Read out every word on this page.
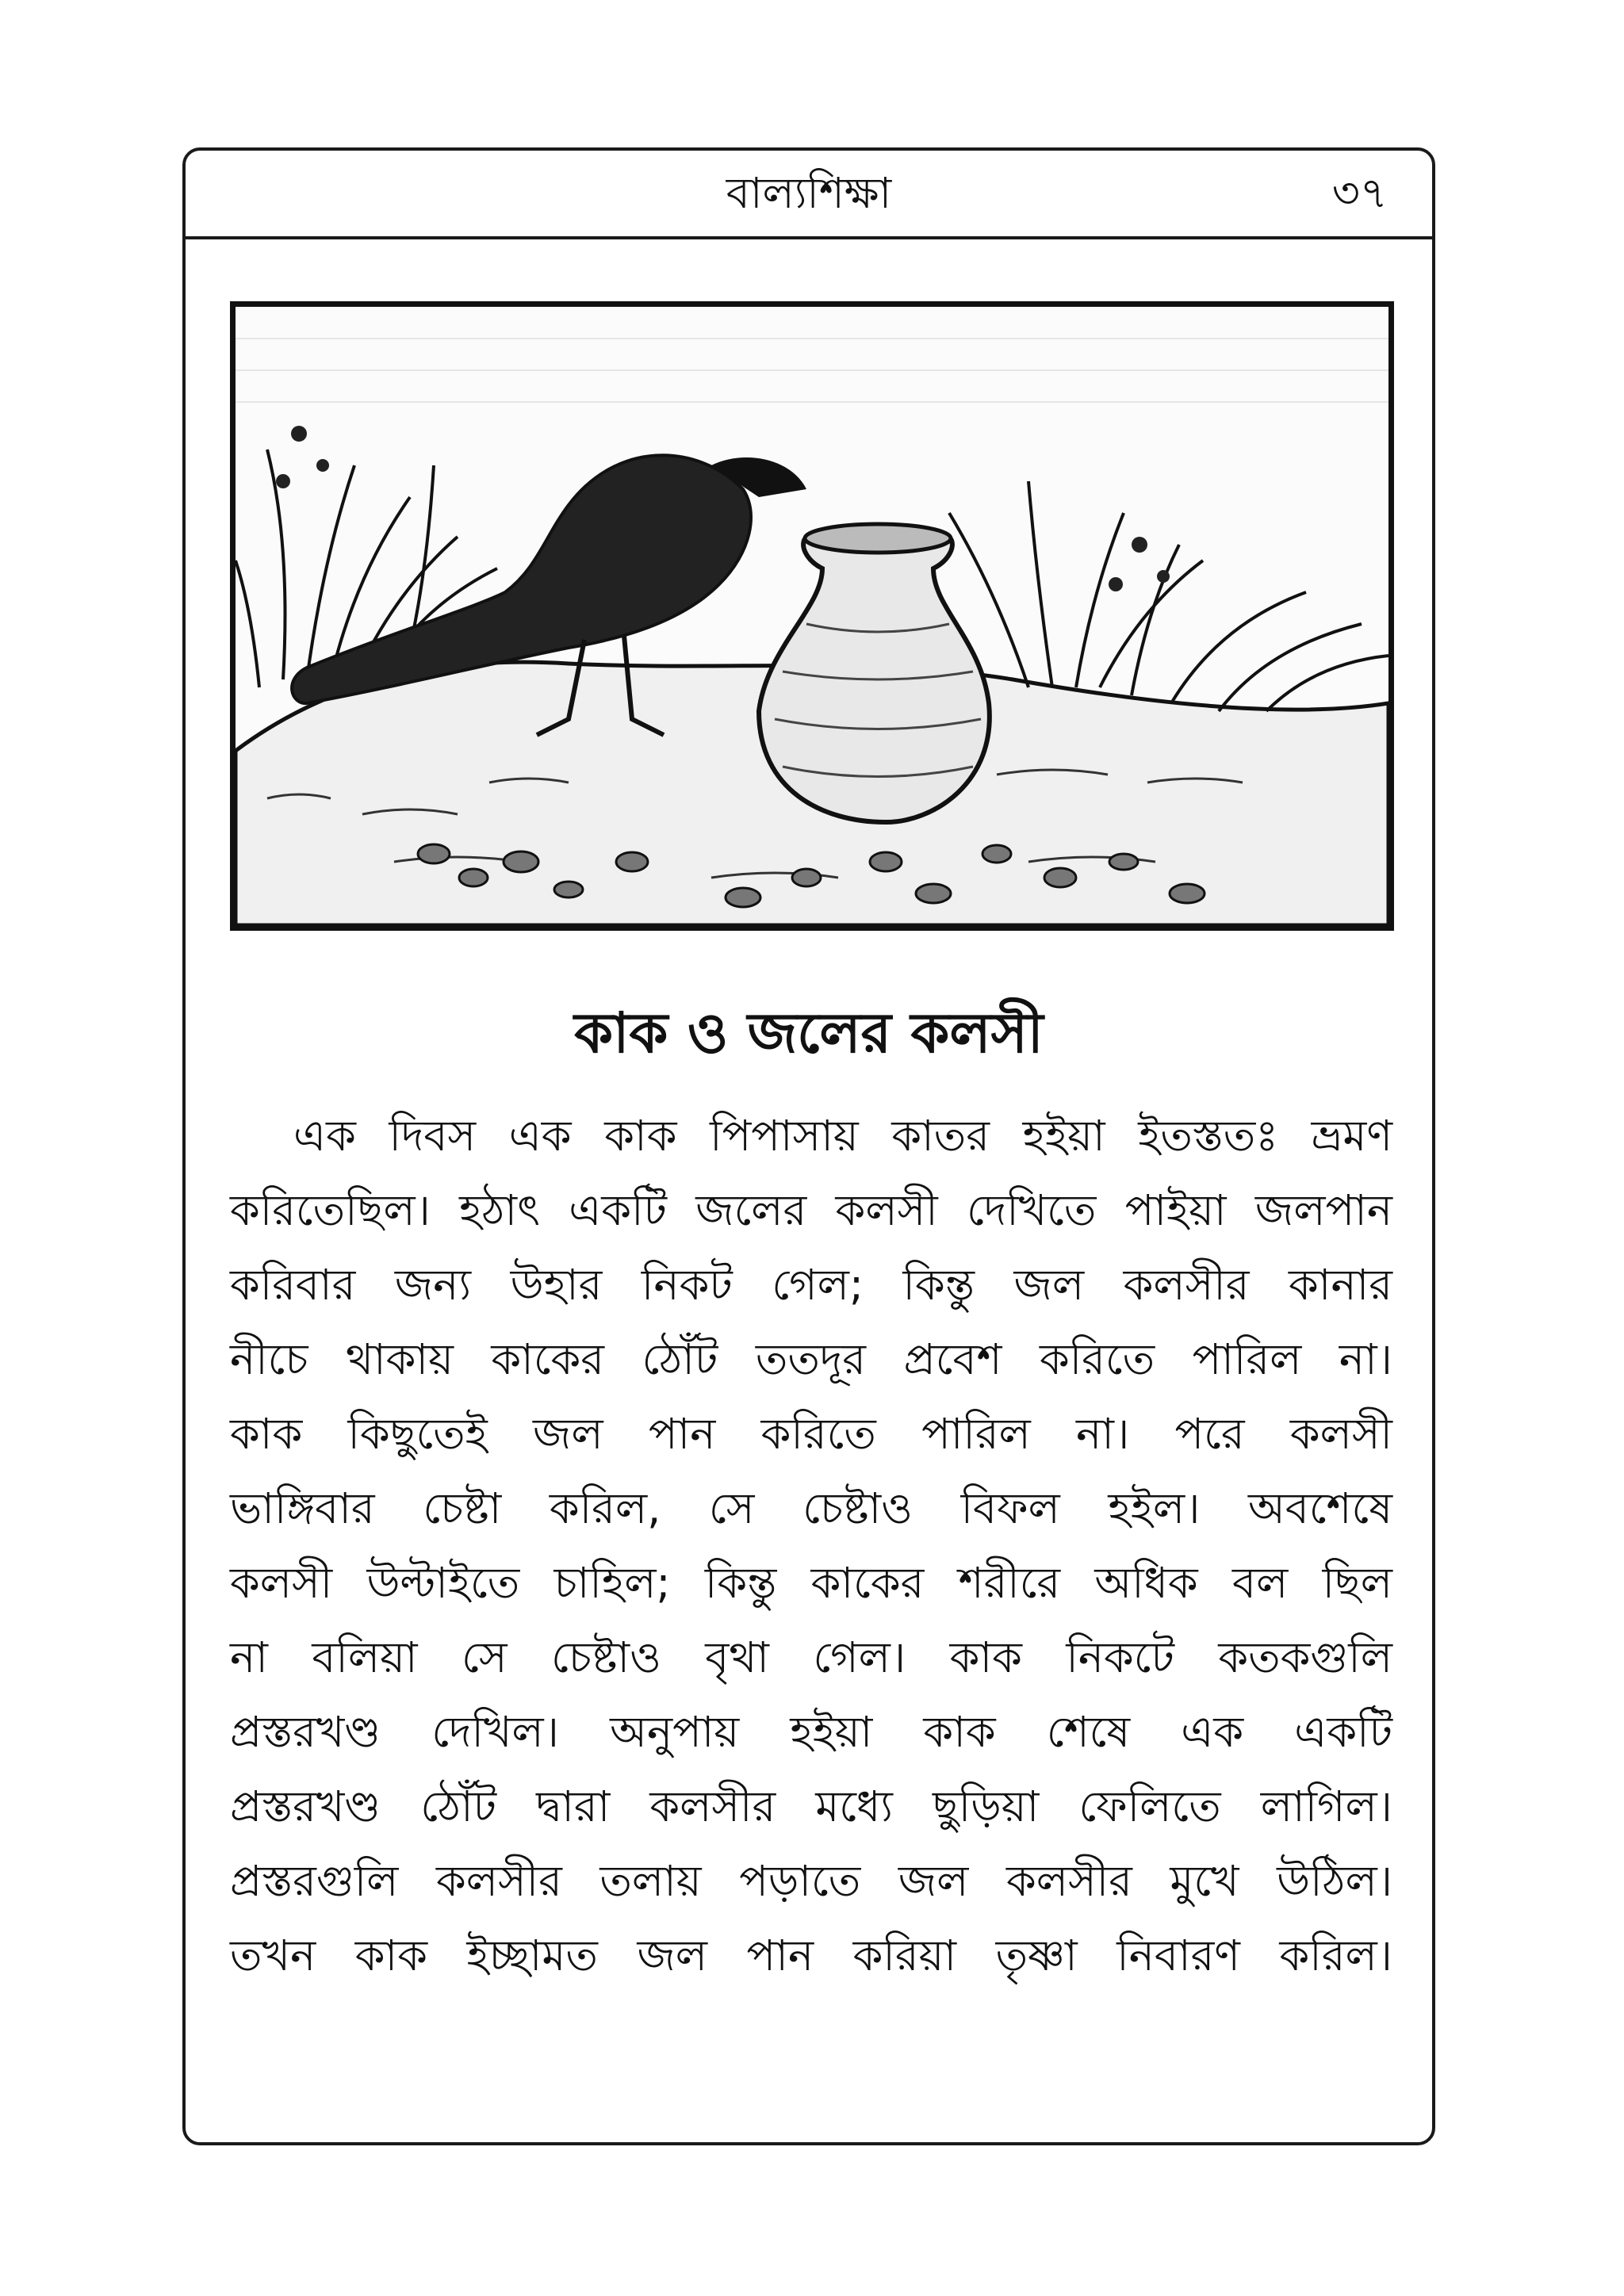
বাল্যশিক্ষা	৩৭
কাক ও জলের কলসী
এক দিবস এক কাক পিপাসায় কাতর হইয়া ইতস্ততঃ ভ্রমণ
করিতেছিল। হঠাৎ একটি জলের কলসী দেখিতে পাইয়া জলপান
করিবার জন্য উহার নিকট গেল; কিন্তু জল কলসীর কানার
নীচে থাকায় কাকের ঠোঁট ততদূর প্রবেশ করিতে পারিল না।
কাক কিছুতেই জল পান করিতে পারিল না। পরে কলসী
ভাঙ্গিবার চেষ্টা করিল, সে চেষ্টাও বিফল হইল। অবশেষে
কলসী উল্টাইতে চাহিল; কিন্তু কাকের শরীরে অধিক বল ছিল
না বলিয়া সে চেষ্টাও বৃথা গেল। কাক নিকটে কতকগুলি
প্রস্তরখণ্ড দেখিল। অনুপায় হইয়া কাক শেষে এক একটি
প্রস্তরখণ্ড ঠোঁট দ্বারা কলসীর মধ্যে ছুড়িয়া ফেলিতে লাগিল।
প্রস্তরগুলি কলসীর তলায় পড়াতে জল কলসীর মুখে উঠিল।
তখন কাক ইচ্ছামত জল পান করিয়া তৃষ্ণা নিবারণ করিল।
